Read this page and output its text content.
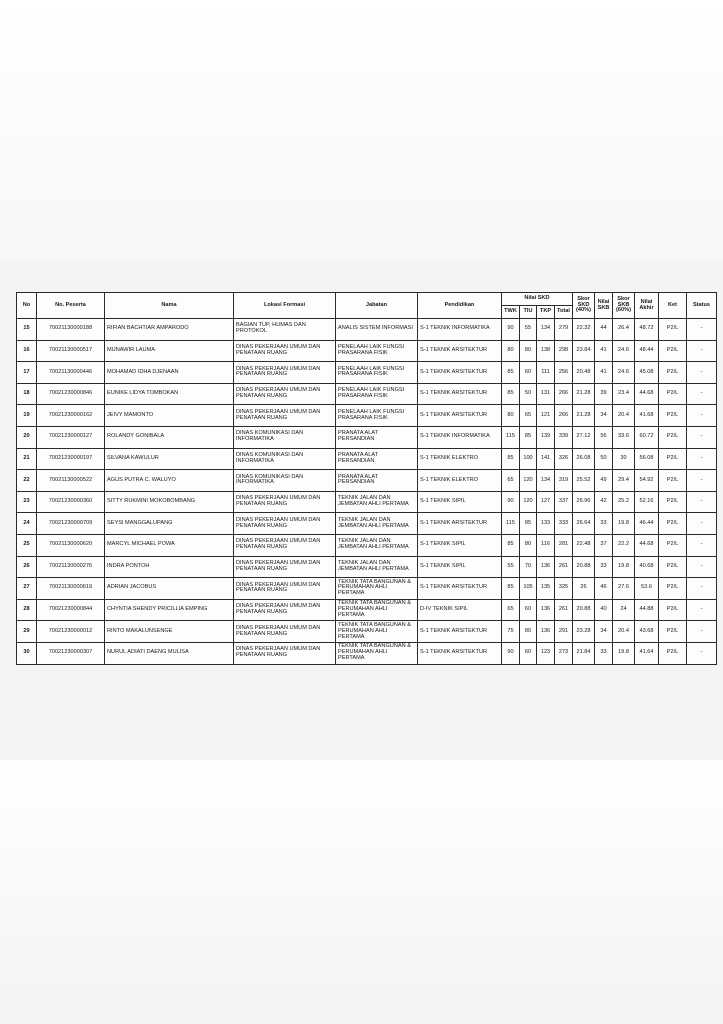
No	No. Peserta	Nama	Lokasi Formasi	Jabatan	Pendidikan	Nilai SKD				Skor SKD (40%)	Nilai SKB	Skor SKB (60%)	Nilai Akhir	Ket	Status
						TWK	TIU	TKP	Total						
15	70021130000188	RIFIAN BACHTIAR AMPARODO	BAGIAN TUP, HUMAS DAN PROTOKOL	ANALIS SISTEM INFORMASI	S-1 TEKNIK INFORMATIKA	90	55	134	279	22.32	44	26.4	48.72	P2/L	-
16	70021130000517	MUNAWIR LAUMA	DINAS PEKERJAAN UMUM DAN PENATAAN RUANG	PENELAAH LAIK FUNGSI PRASARANA FISIK	S-1 TEKNIK ARSITEKTUR	80	80	138	298	23.84	41	24.6	48.44	P2/L	-
17	70021130000446	MOHAMAD IDHA DJENAAN	DINAS PEKERJAAN UMUM DAN PENATAAN RUANG	PENELAAH LAIK FUNGSI PRASARANA FISIK	S-1 TEKNIK ARSITEKTUR	85	60	111	256	20.48	41	24.6	45.08	P2/L	-
18	70021230000846	EUNIKE LIDYA TOMBOKAN	DINAS PEKERJAAN UMUM DAN PENATAAN RUANG	PENELAAH LAIK FUNGSI PRASARANA FISIK	S-1 TEKNIK ARSITEKTUR	85	50	131	266	21.28	39	23.4	44.68	P2/L	-
19	70021230000162	JEIVY MAMONTO	DINAS PEKERJAAN UMUM DAN PENATAAN RUANG	PENELAAH LAIK FUNGSI PRASARANA FISIK	S-1 TEKNIK ARSITEKTUR	80	65	121	266	21.28	34	20.4	41.68	P2/L	-
20	70021230000127	ROLANDY GONIBALA	DINAS KOMUNIKASI DAN INFORMATIKA	PRANATA ALAT PERSANDIAN	S-1 TEKNIK INFORMATIKA	115	85	139	339	27.12	56	33.6	60.72	P2/L	-
21	70021230000197	SILVANA KAWULUR	DINAS KOMUNIKASI DAN INFORMATIKA	PRANATA ALAT PERSANDIAN	S-1 TEKNIK ELEKTRO	85	100	141	326	26.08	50	30	56.08	P2/L	-
22	70021130000522	AGUS PUTRA C. WALUYO	DINAS KOMUNIKASI DAN INFORMATIKA	PRANATA ALAT PERSANDIAN	S-1 TEKNIK ELEKTRO	65	120	134	319	25.52	49	29.4	54.92	P2/L	-
23	70021230000360	SITTY RUKMINI MOKOBOMBANG	DINAS PEKERJAAN UMUM DAN PENATAAN RUANG	TEKNIK JALAN DAN JEMBATAN AHLI PERTAMA	S-1 TEKNIK SIPIL	90	120	127	337	26.96	42	25.2	52.16	P2/L	-
24	70021230000709	SEYSI MANGGALUPANG	DINAS PEKERJAAN UMUM DAN PENATAAN RUANG	TEKNIK JALAN DAN JEMBATAN AHLI PERTAMA	S-1 TEKNIK ARSITEKTUR	115	85	133	333	26.64	33	19.8	46.44	P2/L	-
25	70021130000620	MARCYL MICHAEL POWA	DINAS PEKERJAAN UMUM DAN PENATAAN RUANG	TEKNIK JALAN DAN JEMBATAN AHLI PERTAMA	S-1 TEKNIK SIPIL	85	80	116	281	22.48	37	22.2	44.68	P2/L	-
26	70021130000276	INDRA PONTOH	DINAS PEKERJAAN UMUM DAN PENATAAN RUANG	TEKNIK JALAN DAN JEMBATAN AHLI PERTAMA	S-1 TEKNIK SIPIL	55	70	136	261	20.88	33	19.8	40.68	P2/L	-
27	70021130000619	ADRIAN JACOBUS	DINAS PEKERJAAN UMUM DAN PENATAAN RUANG	TEKNIK TATA BANGUNAN & PERUMAHAN AHLI PERTAMA	S-1 TEKNIK ARSITEKTUR	85	105	135	325	26	46	27.6	53.6	P2/L	-
28	70021230000844	CHYNTIA SHENDY PRICILLIA EMPING	DINAS PEKERJAAN UMUM DAN PENATAAN RUANG	TEKNIK TATA BANGUNAN & PERUMAHAN AHLI PERTAMA	D-IV TEKNIK SIPIL	65	60	136	261	20.88	40	24	44.88	P2/L	-
29	70021230000012	RINTO MAKALUNSENGE	DINAS PEKERJAAN UMUM DAN PENATAAN RUANG	TEKNIK TATA BANGUNAN & PERUMAHAN AHLI PERTAMA	S-1 TEKNIK ARSITEKTUR	75	80	136	291	23.28	34	20.4	43.68	P2/L	-
30	70021230000307	NURUL ADIATI DAENG MULISA	DINAS PEKERJAAN UMUM DAN PENATAAN RUANG	TEKNIK TATA BANGUNAN & PERUMAHAN AHLI PERTAMA	S-1 TEKNIK ARSITEKTUR	90	60	123	273	21.84	33	19.8	41.64	P2/L	-
